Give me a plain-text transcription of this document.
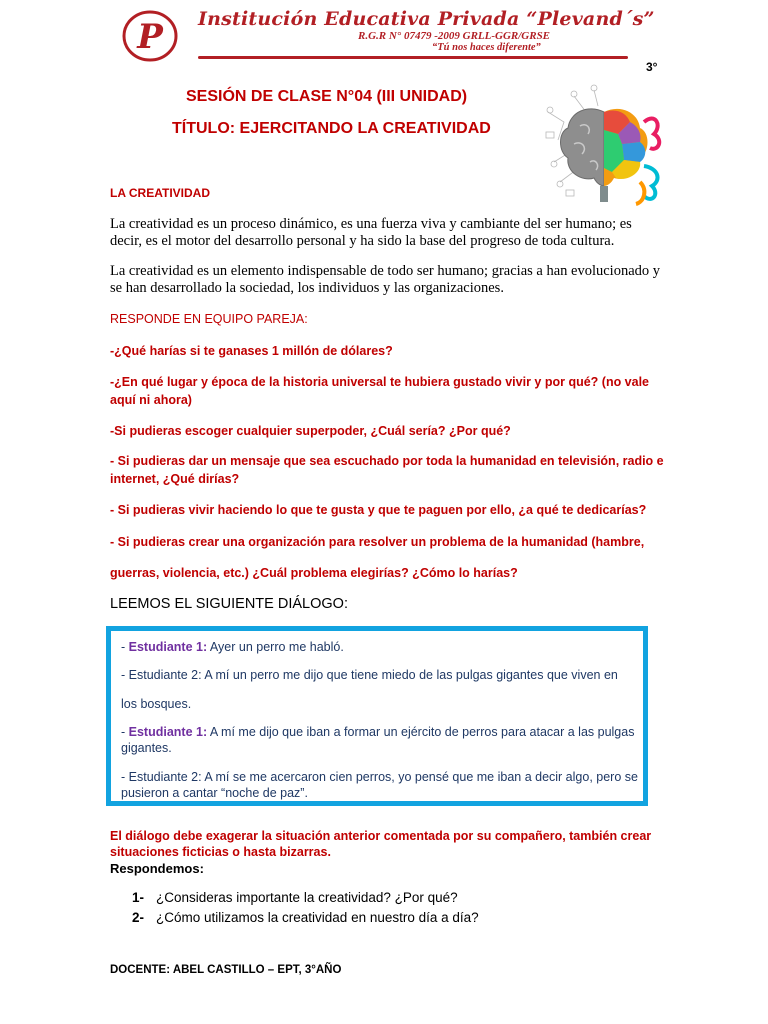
P Institución Educativa Privada “Plevand´s”
R.G.R N° 07479 -2009 GRLL-GGR/GRSE
“Tú nos haces diferente”
3°
SESIÓN DE CLASE N°04 (III UNIDAD)
TÍTULO: EJERCITANDO LA CREATIVIDAD
LA CREATIVIDAD

La creatividad es un proceso dinámico, es una fuerza viva y cambiante del ser humano; es decir, es el motor del desarrollo personal y ha sido la base del progreso de toda cultura.

La creatividad es un elemento indispensable de todo ser humano; gracias a han evolucionado y se han desarrollado la sociedad, los individuos y las organizaciones.

RESPONDE EN EQUIPO PAREJA:
-¿Qué harías si te ganases 1 millón de dólares?
-¿En qué lugar y época de la historia universal te hubiera gustado vivir y por qué? (no vale aquí ni ahora)
-Si pudieras escoger cualquier superpoder, ¿Cuál sería? ¿Por qué?
- Si pudieras dar un mensaje que sea escuchado por toda la humanidad en televisión, radio e internet, ¿Qué dirías?
- Si pudieras vivir haciendo lo que te gusta y que te paguen por ello, ¿a qué te dedicarías?
- Si pudieras crear una organización para resolver un problema de la humanidad (hambre,
guerras, violencia, etc.) ¿Cuál problema elegirías? ¿Cómo lo harías?
LEEMOS EL SIGUIENTE DIÁLOGO:
- Estudiante 1: Ayer un perro me habló.
- Estudiante 2: A mí un perro me dijo que tiene miedo de las pulgas gigantes que viven en
los bosques.
- Estudiante 1: A mí me dijo que iban a formar un ejército de perros para atacar a las pulgas gigantes.
- Estudiante 2: A mí se me acercaron cien perros, yo pensé que me iban a decir algo, pero se pusieron a cantar “noche de paz”.
El diálogo debe exagerar la situación anterior comentada por su compañero, también crear situaciones ficticias o hasta bizarras.
Respondemos:
1- ¿Consideras importante la creatividad? ¿Por qué?
2- ¿Cómo utilizamos la creatividad en nuestro día a día?
DOCENTE: ABEL CASTILLO – EPT, 3°AÑO
